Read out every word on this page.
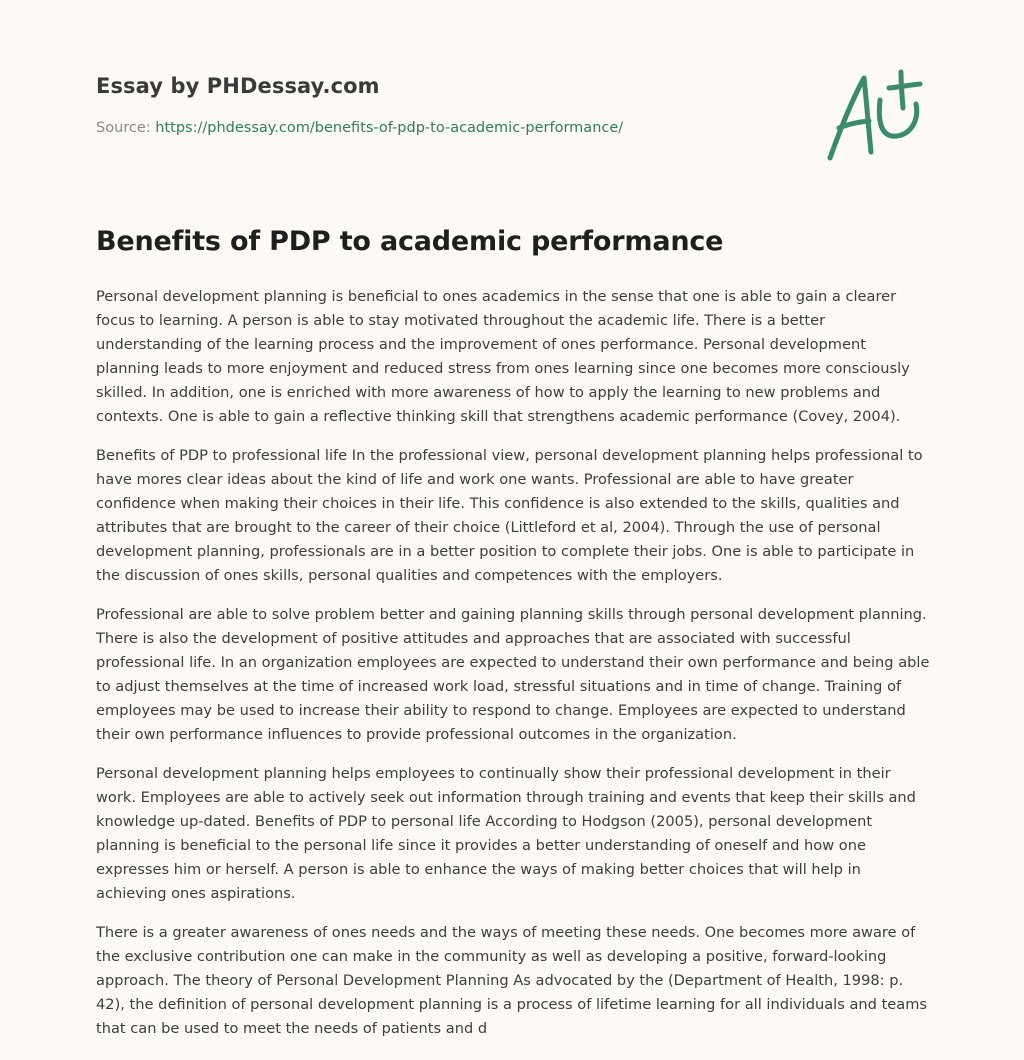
Essay by PHDessay.com
Source: https://phdessay.com/benefits-of-pdp-to-academic-performance/
Benefits of PDP to academic performance

Personal development planning is beneficial to ones academics in the sense that one is able to gain a clearer focus to learning. A person is able to stay motivated throughout the academic life. There is a better understanding of the learning process and the improvement of ones performance. Personal development planning leads to more enjoyment and reduced stress from ones learning since one becomes more consciously skilled. In addition, one is enriched with more awareness of how to apply the learning to new problems and contexts. One is able to gain a reflective thinking skill that strengthens academic performance (Covey, 2004).

Benefits of PDP to professional life In the professional view, personal development planning helps professional to have mores clear ideas about the kind of life and work one wants. Professional are able to have greater confidence when making their choices in their life. This confidence is also extended to the skills, qualities and attributes that are brought to the career of their choice (Littleford et al, 2004). Through the use of personal development planning, professionals are in a better position to complete their jobs. One is able to participate in the discussion of ones skills, personal qualities and competences with the employers.

Professional are able to solve problem better and gaining planning skills through personal development planning. There is also the development of positive attitudes and approaches that are associated with successful professional life. In an organization employees are expected to understand their own performance and being able to adjust themselves at the time of increased work load, stressful situations and in time of change. Training of employees may be used to increase their ability to respond to change. Employees are expected to understand their own performance influences to provide professional outcomes in the organization.

Personal development planning helps employees to continually show their professional development in their work. Employees are able to actively seek out information through training and events that keep their skills and knowledge up-dated. Benefits of PDP to personal life According to Hodgson (2005), personal development planning is beneficial to the personal life since it provides a better understanding of oneself and how one expresses him or herself. A person is able to enhance the ways of making better choices that will help in achieving ones aspirations.

There is a greater awareness of ones needs and the ways of meeting these needs. One becomes more aware of the exclusive contribution one can make in the community as well as developing a positive, forward-looking approach. The theory of Personal Development Planning As advocated by the (Department of Health, 1998: p. 42), the definition of personal development planning is a process of lifetime learning for all individuals and teams that can be used to meet the needs of patients and d
